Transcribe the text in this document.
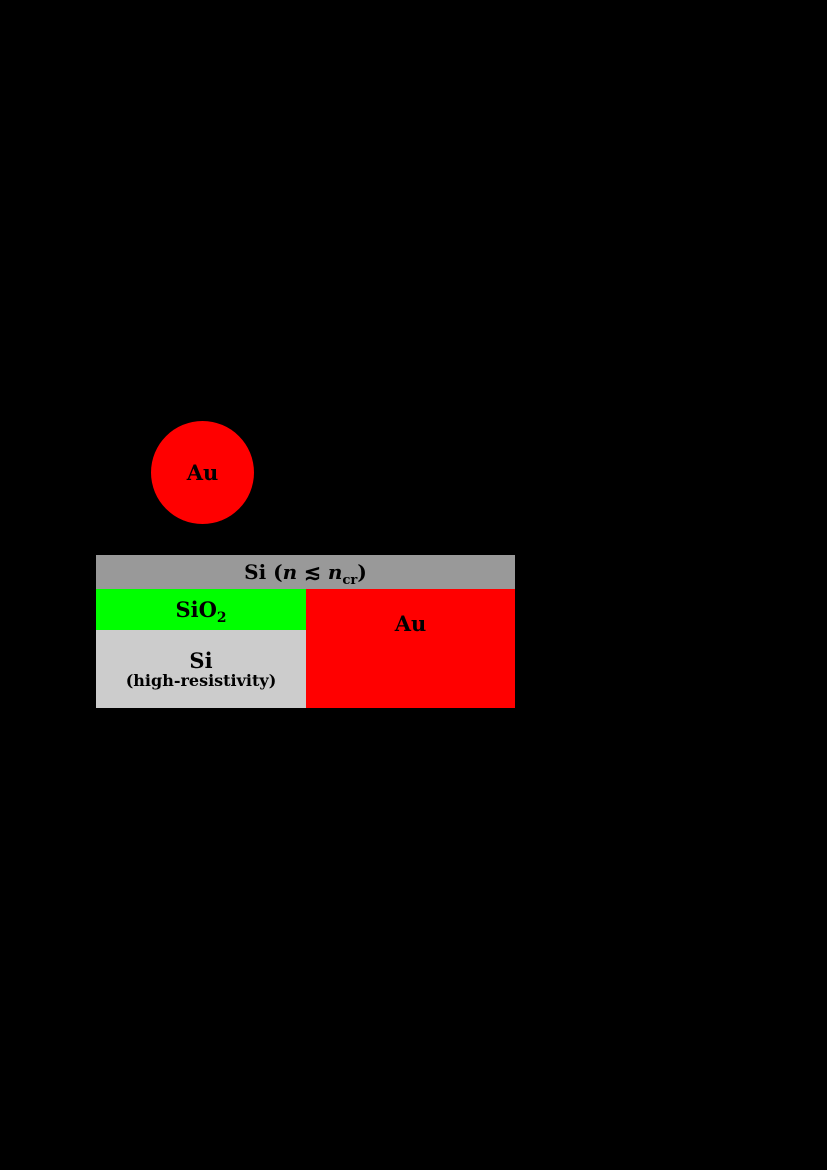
Au
Si (n ≲ $n_{cr}$)
SiO$_2$
Si
(high-resistivity)
Au
